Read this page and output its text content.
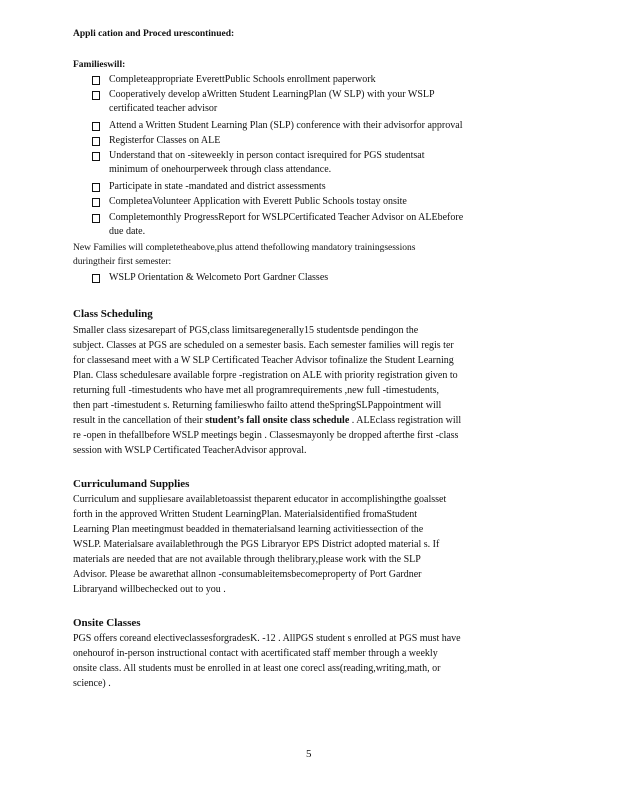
Appli cation and Proced urescontinued:
Familieswill:
Completeappropriate EverettPublic Schools enrollment paperwork
Cooperatively develop aWritten Student LearningPlan (W SLP) with your WSLP
certificated teacher advisor
Attend a Written Student Learning Plan (SLP) conference with their advisorfor approval
Registerfor Classes on ALE
Understand that on -siteweekly in person contact isrequired for PGS studentsat
minimum of onehourperweek through class attendance.
Participate in state -mandated and district assessments
CompleteaVolunteer Application with Everett Public Schools tostay onsite
Completemonthly ProgressReport for WSLPCertificated Teacher Advisor on ALEbefore
due date.
New Families will completetheabove,plus attend thefollowing mandatory trainingsessions
duringtheir first semester:
WSLP Orientation & Welcometo Port Gardner Classes
Class Scheduling
Smaller class sizesarepart of PGS,class limitsaregenerally15 studentsde pendingon the
subject. Classes at PGS are scheduled on a semester basis. Each semester families will regis ter
for classesand meet with a W SLP Certificated Teacher Advisor tofinalize the Student Learning
Plan. Class schedulesare available forpre -registration on ALE with priority registration given to
returning full -timestudents who have met all programrequirements ,new full -timestudents,
then part -timestudent s. Returning familieswho failto attend theSpringSLPappointment will
result in the cancellation of their student’s fall onsite class schedule . ALEclass registration will
re -open in thefallbefore WSLP meetings begin . Classesmayonly be dropped afterthe first -class
session with WSLP Certificated TeacherAdvisor approval.
Curriculumand Supplies
Curriculum and suppliesare availabletoassist theparent educator in accomplishingthe goalsset
forth in the approved Written Student LearningPlan. Materialsidentified fromaStudent
Learning Plan meetingmust beadded in thematerialsand learning activitiessection of the
WSLP. Materialsare availablethrough the PGS Libraryor EPS District adopted material s. If
materials are needed that are not available through thelibrary,please work with the SLP
Advisor. Please be awarethat allnon -consumableitemsbecomeproperty of Port Gardner
Libraryand willbechecked out to you .
Onsite Classes
PGS offers coreand electiveclassesforgradesK. -12 . AllPGS student s enrolled at PGS must have
onehourof in-person instructional contact with acertificated staff member through a weekly
onsite class. All students must be enrolled in at least one corecl ass(reading,writing,math, or
science) .
5
